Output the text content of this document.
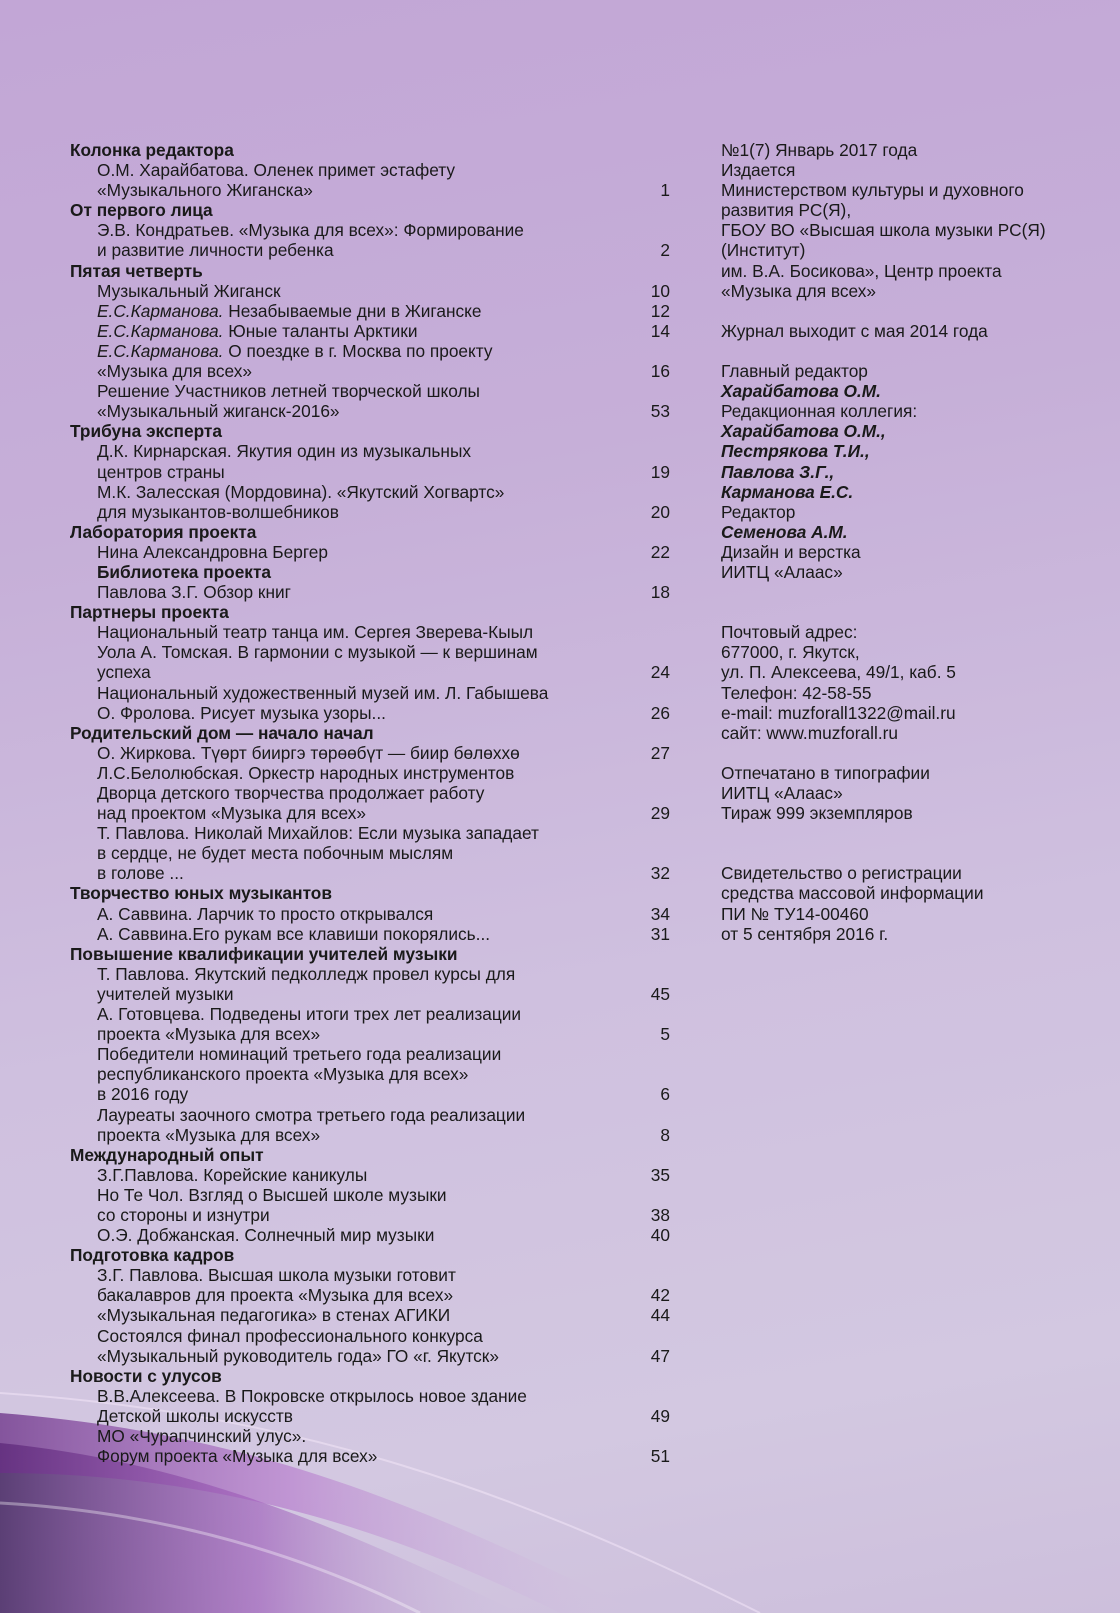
Колонка редактора
О.М. Харайбатова. Оленек примет эстафету
«Музыкального Жиганска»	1
От первого лица
Э.В. Кондратьев. «Музыка для всех»: Формирование
и развитие личности ребенка	2
Пятая четверть
Музыкальный Жиганск	10
Е.С.Карманова. Незабываемые дни в Жиганске	12
Е.С.Карманова. Юные таланты Арктики	14
Е.С.Карманова. О поездке в г. Москва по проекту
«Музыка для всех»	16
Решение Участников летней творческой школы
«Музыкальный жиганск-2016»	53
Трибуна эксперта
Д.К. Кирнарская. Якутия один из музыкальных
центров страны	19
М.К. Залесская (Мордовина). «Якутский Хогвартс»
для музыкантов-волшебников	20
Лаборатория проекта
Нина Александровна Бергер	22
Библиотека проекта
Павлова З.Г. Обзор книг	18
Партнеры проекта
Национальный театр танца им. Сергея Зверева-Кыыл
Уола А. Томская. В гармонии с музыкой — к вершинам
успеха	24
Национальный художественный музей им. Л. Габышева
О. Фролова. Рисует музыка узоры...	26
Родительский дом — начало начал
О. Жиркова. Түөрт бииргэ төрөөбүт — биир бөлөххө	27
Л.С.Белолюбская. Оркестр народных инструментов
Дворца детского творчества продолжает работу
над проектом «Музыка для всех»	29
Т. Павлова. Николай Михайлов: Если музыка западает
в сердце, не будет места побочным мыслям
в голове ...	32
Творчество юных музыкантов
А. Саввина. Ларчик то просто открывался	34
А. Саввина.Его рукам все клавиши покорялись...	31
Повышение квалификации учителей музыки
Т. Павлова. Якутский педколледж провел курсы для
учителей музыки	45
А. Готовцева. Подведены итоги трех лет реализации
проекта «Музыка для всех»	5
Победители номинаций третьего года реализации
республиканского проекта «Музыка для всех»
в 2016 году	6
Лауреаты заочного смотра третьего года реализации
проекта «Музыка для всех»	8
Международный опыт
З.Г.Павлова. Корейские каникулы	35
Но Те Чол. Взгляд о Высшей школе музыки
со стороны и изнутри	38
О.Э. Добжанская. Солнечный мир музыки	40
Подготовка кадров
З.Г. Павлова. Высшая школа музыки готовит
бакалавров для проекта «Музыка для всех»	42
«Музыкальная педагогика» в стенах АГИКИ	44
Состоялся финал профессионального конкурса
«Музыкальный руководитель года» ГО «г. Якутск»	47
Новости с улусов
В.В.Алексеева. В Покровске открылось новое здание
Детской школы искусств	49
МО «Чурапчинский улус».
Форум проекта «Музыка для всех»	51
№1(7) Январь 2017 года
Издается
Министерством культуры и духовного
развития РС(Я),
ГБОУ ВО «Высшая школа музыки РС(Я)
(Институт)
им. В.А. Босикова», Центр проекта
«Музыка для всех»
Журнал выходит с мая 2014 года
Главный редактор
Харайбатова О.М.
Редакционная коллегия:
Харайбатова О.М.,
Пестрякова Т.И.,
Павлова З.Г.,
Карманова Е.С.
Редактор
Семенова А.М.
Дизайн и верстка
ИИТЦ «Алаас»
Почтовый адрес:
677000, г. Якутск,
ул. П. Алексеева, 49/1, каб. 5
Телефон: 42-58-55
e-mail: muzforall1322@mail.ru
сайт: www.muzforall.ru
Отпечатано в типографии
ИИТЦ «Алаас»
Тираж 999 экземпляров
Свидетельство о регистрации
средства массовой информации
ПИ № ТУ14-00460
от 5 сентября 2016 г.
